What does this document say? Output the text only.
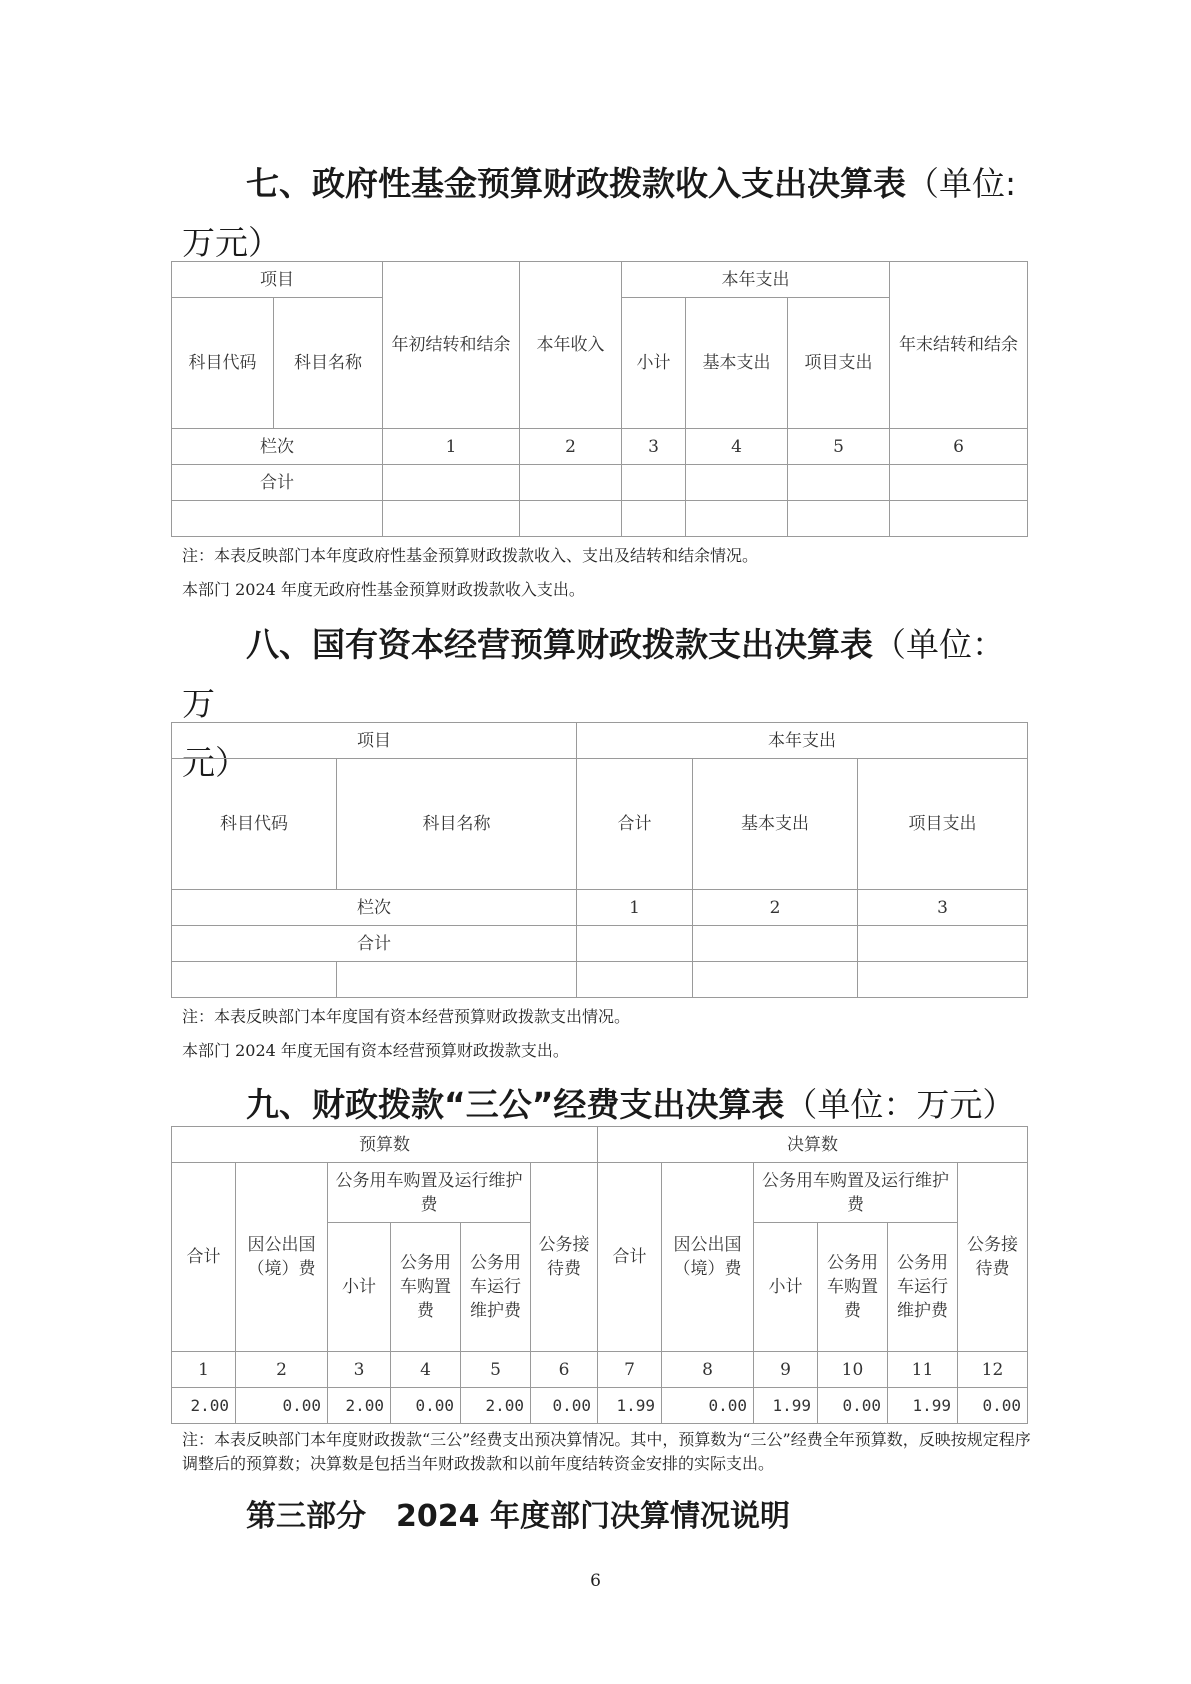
七、政府性基金预算财政拨款收入支出决算表（单位:
万元）
项目		年初结转和结余	本年收入	本年支出			年末结转和结余
科目代码	科目名称			小计	基本支出	项目支出	
栏次		1	2	3	4	5	6
合计							

注：本表反映部门本年度政府性基金预算财政拨款收入、支出及结转和结余情况。
本部门 2024 年度无政府性基金预算财政拨款收入支出。
八、国有资本经营预算财政拨款支出决算表（单位：万
元）
项目		本年支出		
科目代码	科目名称	合计	基本支出	项目支出
栏次		1	2	3
合计				

注：本表反映部门本年度国有资本经营预算财政拨款支出情况。
本部门 2024 年度无国有资本经营预算财政拨款支出。
九、财政拨款“三公”经费支出决算表（单位：万元）
预算数						决算数					
合计	因公出国（境）费	公务用车购置及运行维护费			公务接待费	合计	因公出国（境）费	公务用车购置及运行维护费			公务接待费
		小计	公务用车购置费	公务用车运行维护费				小计	公务用车购置费	公务用车运行维护费	
1	2	3	4	5	6	7	8	9	10	11	12
2.00	0.00	2.00	0.00	2.00	0.00	1.99	0.00	1.99	0.00	1.99	0.00
注：本表反映部门本年度财政拨款“三公”经费支出预决算情况。其中，预算数为“三公”经费全年预算数，反映按规定程序调整后的预算数；决算数是包括当年财政拨款和以前年度结转资金安排的实际支出。
第三部分　2024 年度部门决算情况说明
6
